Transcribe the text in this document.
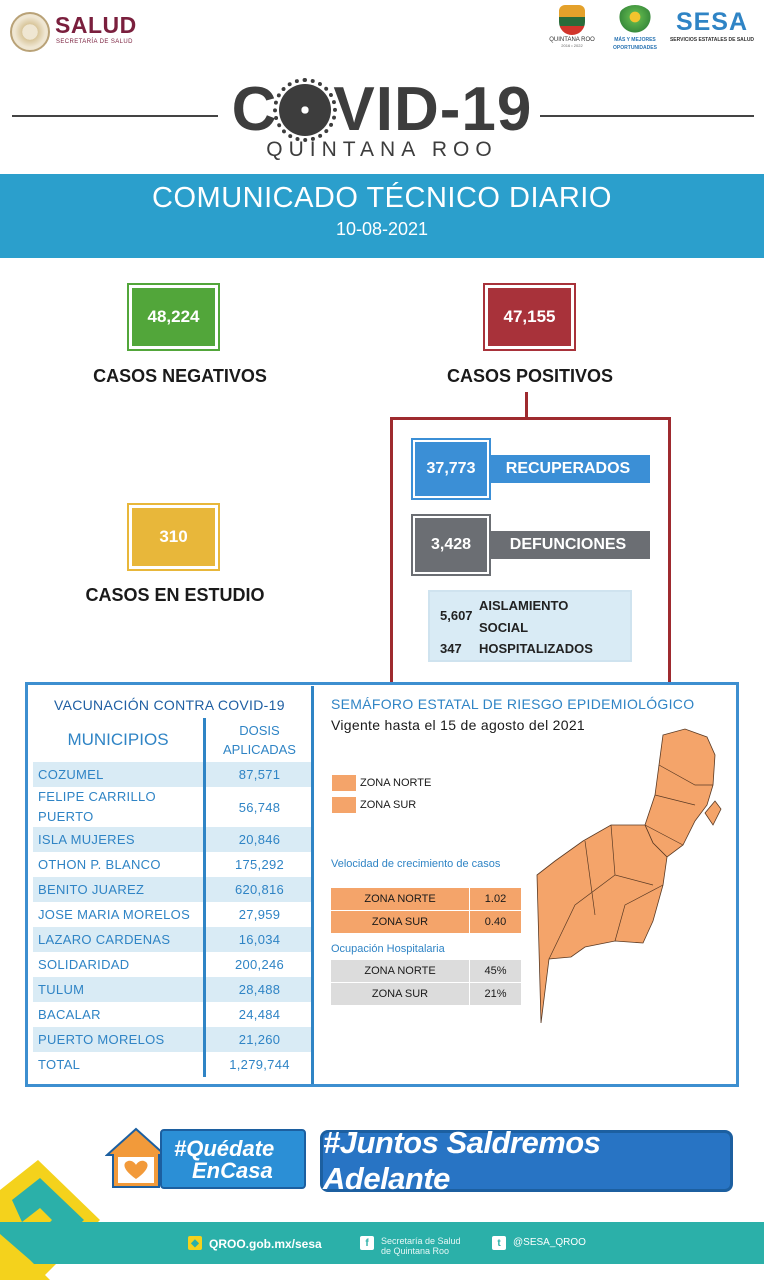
SALUD
SECRETARÍA DE SALUD	QUINTANA ROO
2016 • 2022
MÁS Y MEJORES
OPORTUNIDADES
SESA
SERVICIOS ESTATALES DE SALUD
C VID-19
QUINTANA ROO
COMUNICADO TÉCNICO DIARIO
10-08-2021
48,224
CASOS NEGATIVOS
47,155
CASOS POSITIVOS
310
CASOS EN ESTUDIO
RECUPERADOS
37,773
DEFUNCIONES
3,428
5,607
AISLAMIENTO
SOCIAL
347 HOSPITALIZADOS
VACUNACIÓN CONTRA COVID-19
MUNICIPIOS	DOSIS
APLICADAS
COZUMEL	87,571
FELIPE CARRILLO PUERTO
56,748
ISLA MUJERES	20,846
OTHON P. BLANCO	175,292
BENITO JUAREZ	620,816
JOSE MARIA MORELOS	27,959
LAZARO CARDENAS	16,034
SOLIDARIDAD	200,246
TULUM	28,488
BACALAR	24,484
PUERTO MORELOS	21,260
TOTAL	1,279,744
SEMÁFORO ESTATAL DE RIESGO EPIDEMIOLÓGICO
Vigente hasta el 15 de agosto del 2021
ZONA NORTE
ZONA SUR
Velocidad de crecimiento de casos
ZONA NORTE	1.02
ZONA SUR	0.40
Ocupación Hospitalaria
ZONA NORTE	45%
ZONA SUR	21%
#Quédate
EnCasa
#Juntos Saldremos Adelante
◆ QROO.gob.mx/sesa	f	Secretaría de Salud
de Quintana Roo
t	@SESA_QROO
